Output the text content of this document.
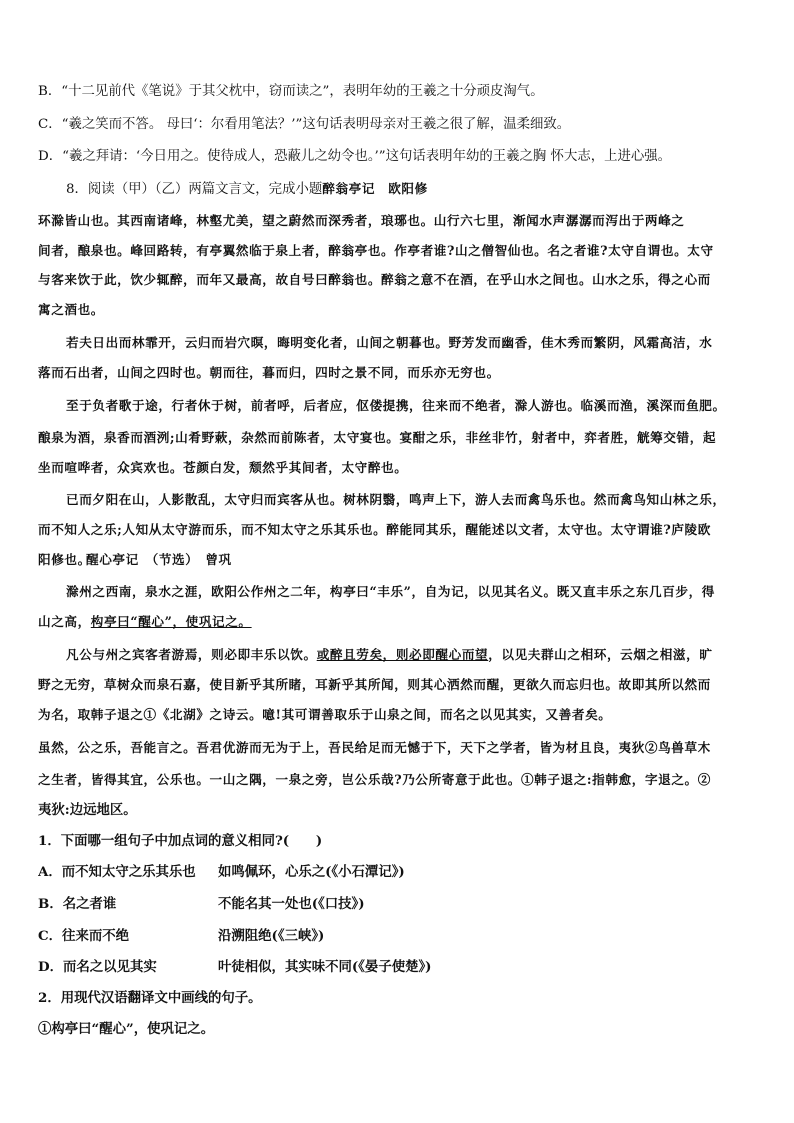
B．“十二见前代《笔说》于其父枕中，窃而读之”，表明年幼的王羲之十分顽皮淘气。
C．“羲之笑而不答。 母曰‘：尔看用笔法？’”这句话表明母亲对王羲之很了解，温柔细致。
D．“羲之拜请：‘今日用之。使待成人，恐蔽儿之幼令也。’”这句话表明年幼的王羲之胸 怀大志，上进心强。
8．阅读（甲）（乙）两篇文言文，完成小题醉翁亭记　欧阳修
环滁皆山也。其西南诸峰，林壑尤美，望之蔚然而深秀者，琅琊也。山行六七里，渐闻水声潺潺而泻出于两峰之
间者，酿泉也。峰回路转，有亭翼然临于泉上者，醉翁亭也。作亭者谁?山之僧智仙也。名之者谁?太守自谓也。太守
与客来饮于此，饮少辄醉，而年又最高，故自号曰醉翁也。醉翁之意不在酒，在乎山水之间也。山水之乐，得之心而
寓之酒也。
若夫日出而林霏开，云归而岩穴暝，晦明变化者，山间之朝暮也。野芳发而幽香，佳木秀而繁阴，风霜高洁，水
落而石出者，山间之四时也。朝而往，暮而归，四时之景不同，而乐亦无穷也。
至于负者歌于途，行者休于树，前者呼，后者应，伛偻提携，往来而不绝者，滁人游也。临溪而渔，溪深而鱼肥。
酿泉为酒，泉香而酒洌;山肴野蔌，杂然而前陈者，太守宴也。宴酣之乐，非丝非竹，射者中，弈者胜，觥筹交错，起
坐而喧哗者，众宾欢也。苍颜白发，颓然乎其间者，太守醉也。
已而夕阳在山，人影散乱，太守归而宾客从也。树林阴翳，鸣声上下，游人去而禽鸟乐也。然而禽鸟知山林之乐，
而不知人之乐;人知从太守游而乐，而不知太守之乐其乐也。醉能同其乐，醒能述以文者，太守也。太守谓谁?庐陵欧
阳修也。
醒心亭记　（节选）　曾巩
滁州之西南，泉水之涯，欧阳公作州之二年，构亭曰“丰乐”，自为记，以见其名义。既又直丰乐之东几百步，得
山之高，构亭曰“醒心”，使巩记之。
凡公与州之宾客者游焉，则必即丰乐以饮。或醉且劳矣，则必即醒心而望，以见夫群山之相环，云烟之相滋，旷
野之无穷，草树众而泉石嘉，使目新乎其所睹，耳新乎其所闻，则其心洒然而醒，更欲久而忘归也。故即其所以然而
为名，取韩子退之①《北湖》之诗云。噫!其可谓善取乐于山泉之间，而名之以见其实，又善者矣。
虽然，公之乐，吾能言之。吾君优游而无为于上，吾民给足而无憾于下，天下之学者，皆为材且良，夷狄②鸟兽草木
之生者，皆得其宜，公乐也。一山之隅，一泉之旁，岂公乐哉?乃公所寄意于此也。①韩子退之:指韩愈，字退之。②
夷狄:边远地区。
1．下面哪一组句子中加点词的意义相同?(　　)
A．而不知太守之乐其乐也 如鸣佩环，心乐之(《小石潭记》)
B．名之者谁	不能名其一处也(《口技》)
C．往来而不绝	沿溯阻绝(《三峡》)
D．而名之以见其实	叶徒相似，其实味不同(《晏子使楚》)
2．用现代汉语翻译文中画线的句子。
①构亭曰“醒心”，使巩记之。
